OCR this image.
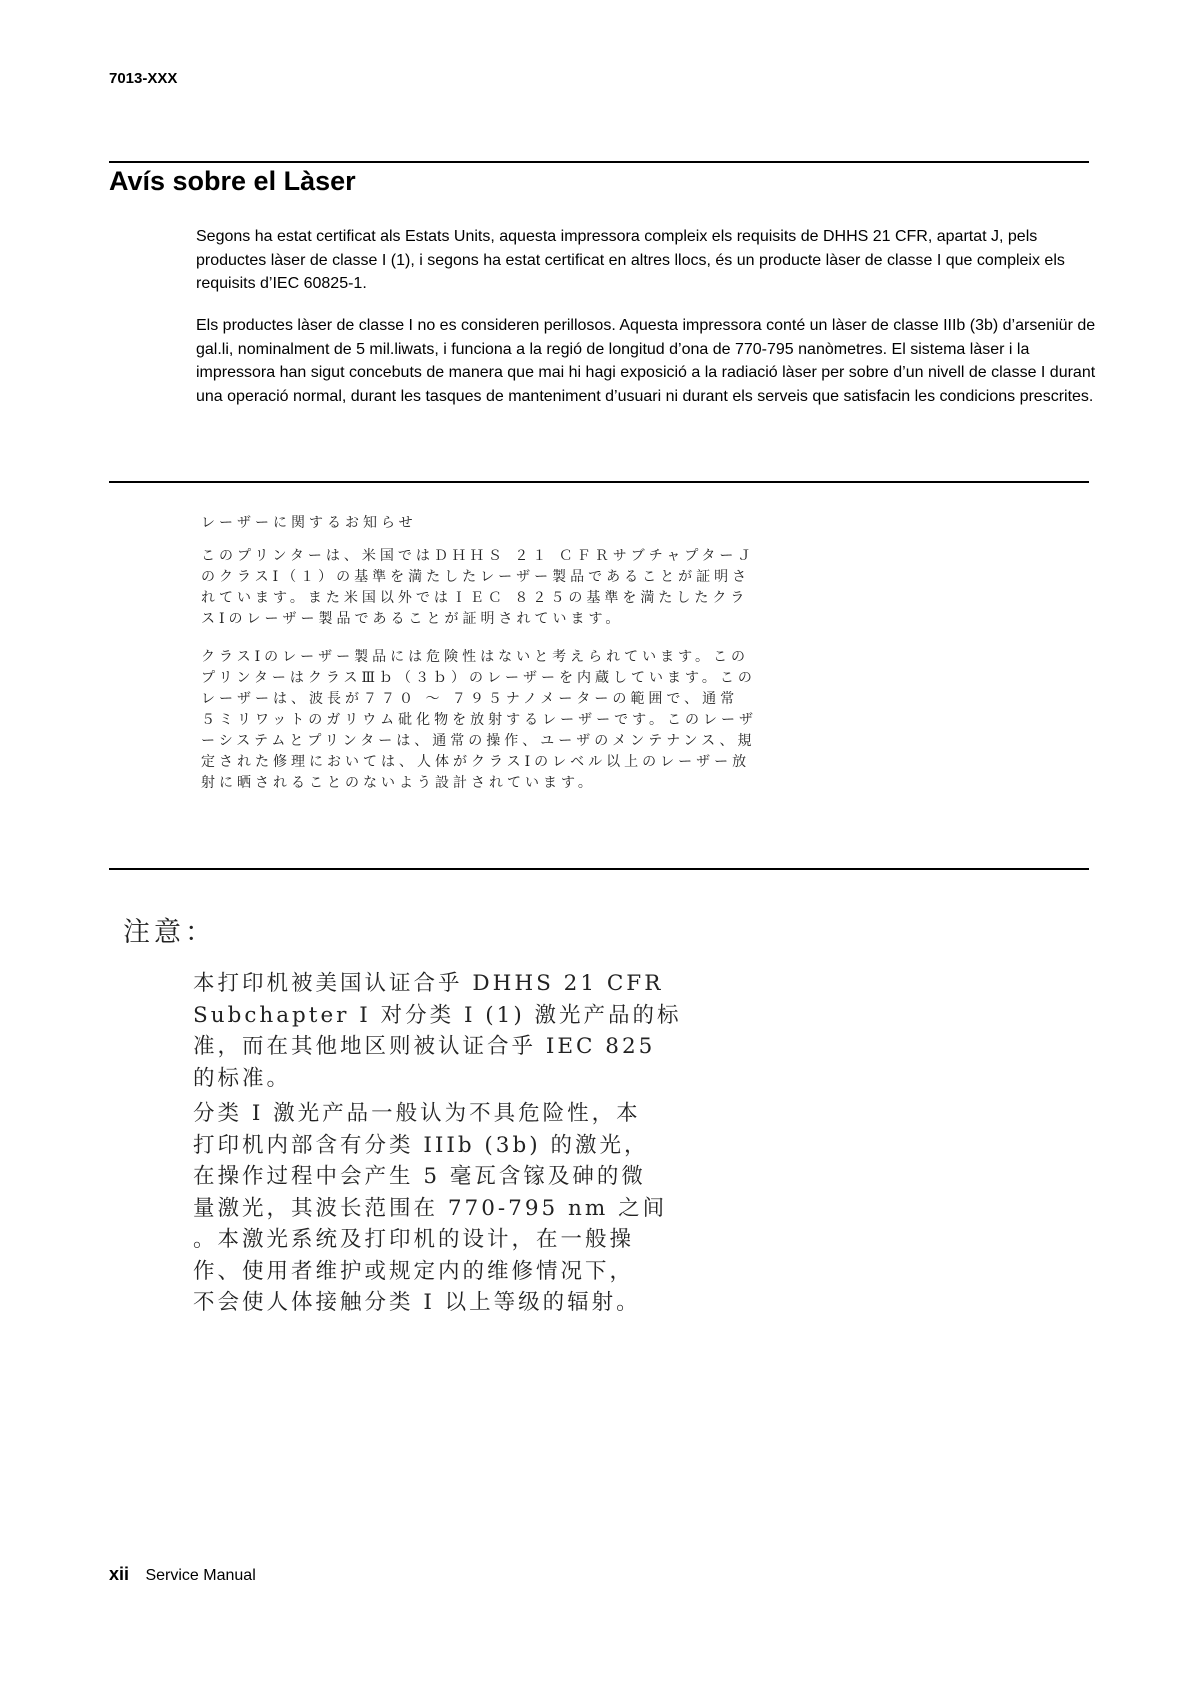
7013-XXX
Avís sobre el Làser

Segons ha estat certificat als Estats Units, aquesta impressora compleix els requisits de DHHS 21 CFR, apartat J, pels productes làser de classe I (1), i segons ha estat certificat en altres llocs, és un producte làser de classe I que compleix els requisits d’IEC 60825-1.

Els productes làser de classe I no es consideren perillosos. Aquesta impressora conté un làser de classe IIIb (3b) d’arseniür de gal.li, nominalment de 5 mil.liwats, i funciona a la regió de longitud d’ona de 770-795 nanòmetres. El sistema làser i la impressora han sigut concebuts de manera que mai hi hagi exposició a la radiació làser per sobre d’un nivell de classe I durant una operació normal, durant les tasques de manteniment d’usuari ni durant els serveis que satisfacin les condicions prescrites.

レーザーに関するお知らせ
このプリンターは、米国ではＤＨＨＳ ２１ ＣＦＲサブチャプターＪ
のクラスⅠ（１）の基準を満たしたレーザー製品であることが証明さ
れています。また米国以外ではＩＥＣ ８２５の基準を満たしたクラ
スⅠのレーザー製品であることが証明されています。
クラスⅠのレーザー製品には危険性はないと考えられています。この
プリンターはクラスⅢｂ（３ｂ）のレーザーを内蔵しています。この
レーザーは、波長が７７０ ～ ７９５ナノメーターの範囲で、通常
５ミリワットのガリウム砒化物を放射するレーザーです。このレーザ
ーシステムとプリンターは、通常の操作、ユーザのメンテナンス、規
定された修理においては、人体がクラスⅠのレベル以上のレーザー放
射に晒されることのないよう設計されています。
注意：
本打印机被美国认证合乎 DHHS 21 CFR
Subchapter I 对分类 I (1) 激光产品的标
准，而在其他地区则被认证合乎 IEC 825
的标准。
分类 I 激光产品一般认为不具危险性，本
打印机内部含有分类 IIIb (3b) 的激光，
在操作过程中会产生 5 毫瓦含镓及砷的微
量激光，其波长范围在 770-795 nm 之间
。本激光系统及打印机的设计，在一般操
作、使用者维护或规定内的维修情况下，
不会使人体接触分类 I 以上等级的辐射。
xii Service Manual
